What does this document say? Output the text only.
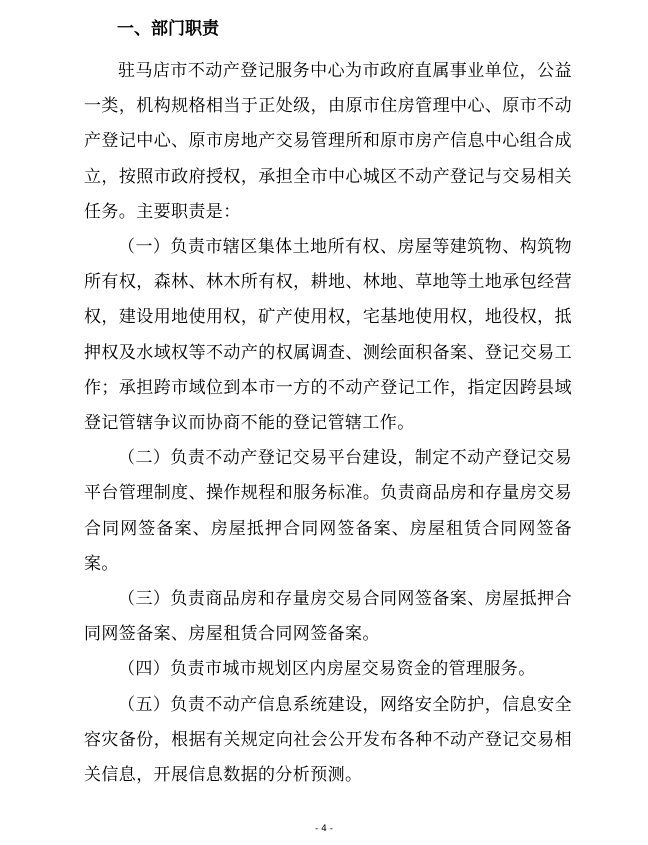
一、部门职责

驻马店市不动产登记服务中心为市政府直属事业单位，公益一类，机构规格相当于正处级，由原市住房管理中心、原市不动产登记中心、原市房地产交易管理所和原市房产信息中心组合成立，按照市政府授权，承担全市中心城区不动产登记与交易相关任务。主要职责是：

（一）负责市辖区集体土地所有权、房屋等建筑物、构筑物所有权，森林、林木所有权，耕地、林地、草地等土地承包经营权，建设用地使用权，矿产使用权，宅基地使用权，地役权，抵押权及水域权等不动产的权属调查、测绘面积备案、登记交易工作；承担跨市域位到本市一方的不动产登记工作，指定因跨县域登记管辖争议而协商不能的登记管辖工作。

（二）负责不动产登记交易平台建设，制定不动产登记交易平台管理制度、操作规程和服务标准。负责商品房和存量房交易合同网签备案、房屋抵押合同网签备案、房屋租赁合同网签备案。

（三）负责商品房和存量房交易合同网签备案、房屋抵押合同网签备案、房屋租赁合同网签备案。

（四）负责市城市规划区内房屋交易资金的管理服务。

（五）负责不动产信息系统建设，网络安全防护，信息安全容灾备份，根据有关规定向社会公开发布各种不动产登记交易相关信息，开展信息数据的分析预测。

- 4 -
